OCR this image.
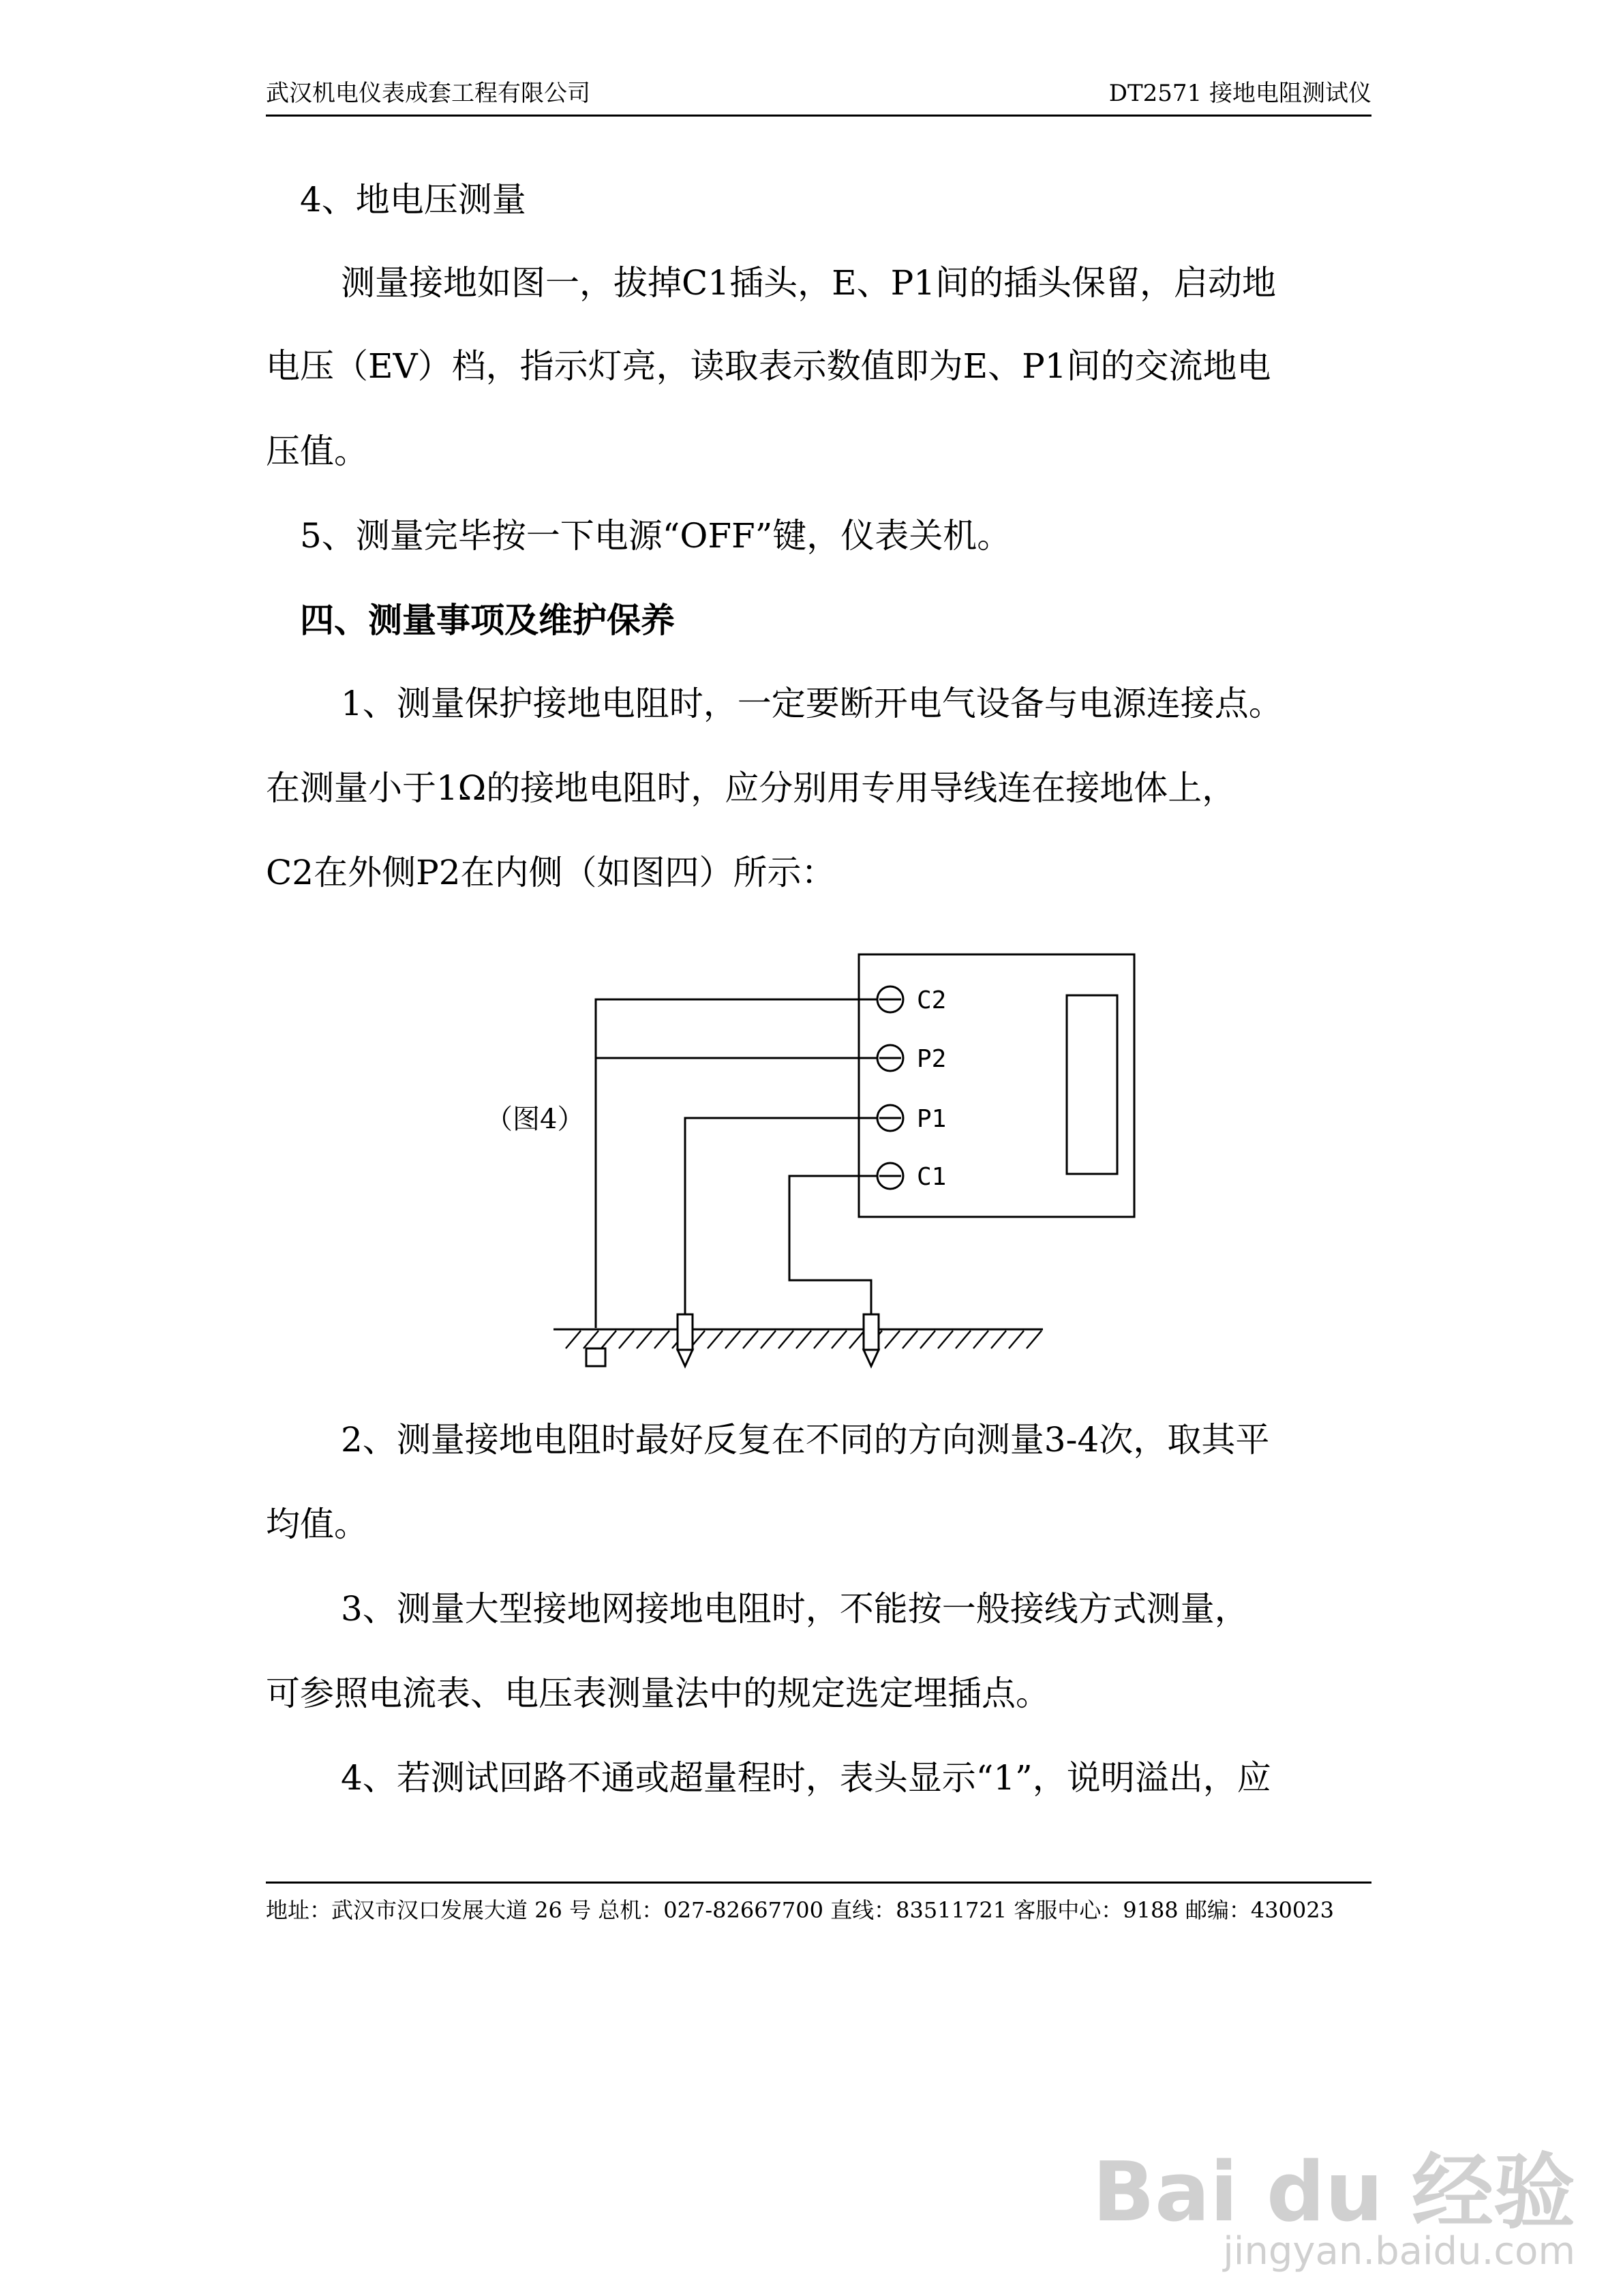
武汉机电仪表成套工程有限公司	DT2571 接地电阻测试仪
4、地电压测量
测量接地如图一，拔掉C1插头，E、P1间的插头保留，启动地
电压（EV）档，指示灯亮，读取表示数值即为E、P1间的交流地电
压值。
5、测量完毕按一下电源“OFF”键，仪表关机。
四、测量事项及维护保养
1、测量保护接地电阻时，一定要断开电气设备与电源连接点。
在测量小于1Ω的接地电阻时，应分别用专用导线连在接地体上，
C2在外侧P2在内侧（如图四）所示：
C2
P2
P1
C1
（图4）
2、测量接地电阻时最好反复在不同的方向测量3-4次，取其平
均值。
3、测量大型接地网接地电阻时，不能按一般接线方式测量，
可参照电流表、电压表测量法中的规定选定埋插点。
4、若测试回路不通或超量程时，表头显示“1”，说明溢出，应
地址：武汉市汉口发展大道 26 号 总机：027-82667700 直线：83511721 客服中心：9188 邮编：430023
Bai du 经验
jingyan.baidu.com
